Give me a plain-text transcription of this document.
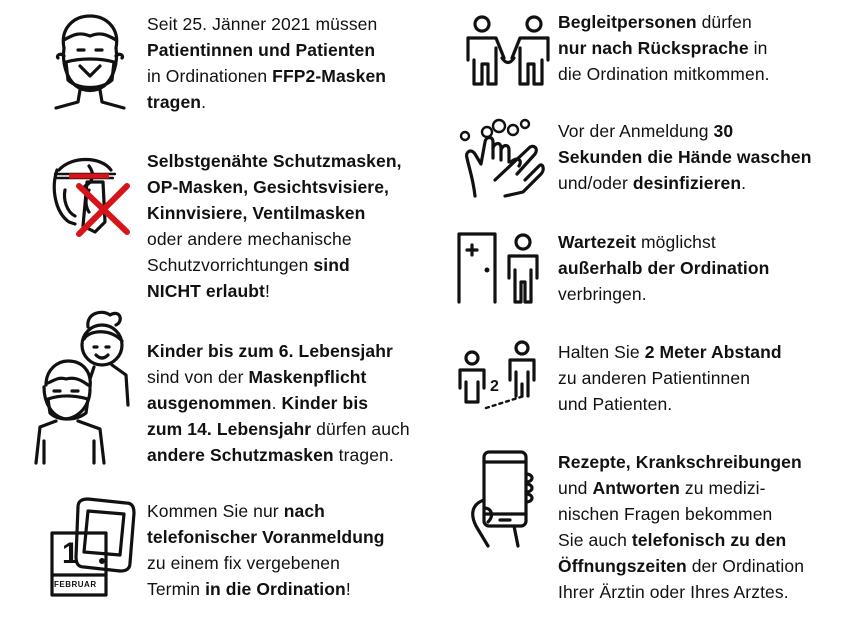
Seit 25. Jänner 2021 müssen
Patientinnen und Patienten
in Ordinationen FFP2-Masken
tragen.
Selbstgenähte Schutzmasken,
OP-Masken, Gesichtsvisiere,
Kinnvisiere, Ventilmasken
oder andere mechanische
Schutzvorrichtungen sind
NICHT erlaubt!
Kinder bis zum 6. Lebensjahr
sind von der Maskenpflicht
ausgenommen. Kinder bis
zum 14. Lebensjahr dürfen auch
andere Schutzmasken tragen.
1
FEBRUAR
Kommen Sie nur nach
telefonischer Voranmeldung
zu einem fix vergebenen
Termin in die Ordination!
Begleitpersonen dürfen
nur nach Rücksprache in
die Ordination mitkommen.
Vor der Anmeldung 30
Sekunden die Hände waschen
und/oder desinfizieren.
Wartezeit möglichst
außerhalb der Ordination
verbringen.
2
Halten Sie 2 Meter Abstand
zu anderen Patientinnen
und Patienten.
Rezepte, Krankschreibungen
und Antworten zu medizi-
nischen Fragen bekommen
Sie auch telefonisch zu den
Öffnungszeiten der Ordination
Ihrer Ärztin oder Ihres Arztes.
